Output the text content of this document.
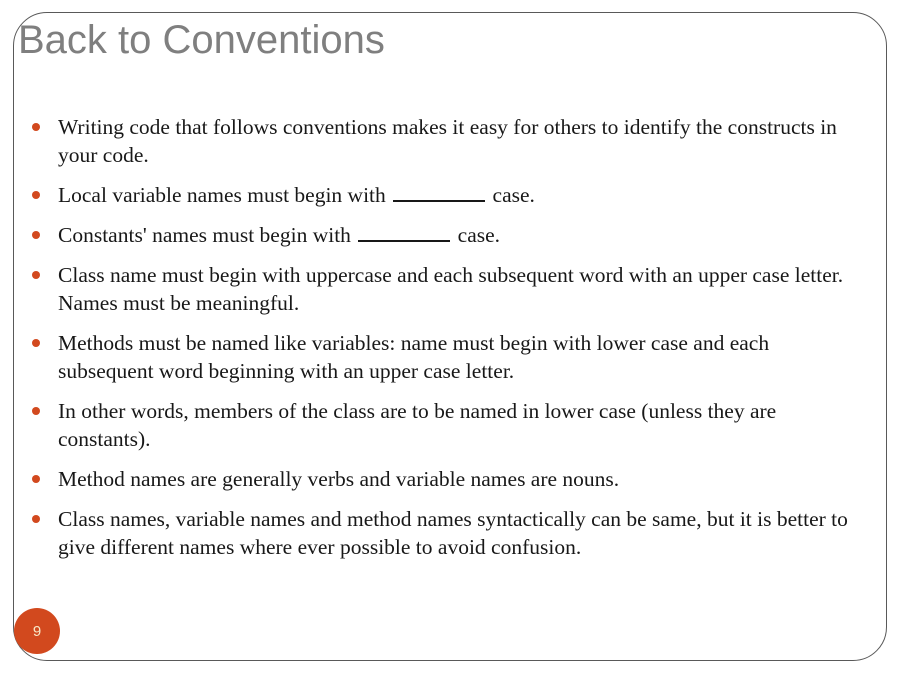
Back to Conventions
Writing code that follows conventions makes it easy for others to identify the constructs in your code.
Local variable names must begin with	case.
Constants' names must begin with	case.
Class name must begin with uppercase and each subsequent word with an upper case letter. Names must be meaningful.
Methods must be named like variables: name must begin with lower case and each subsequent word beginning with an upper case letter.
In other words, members of the class are to be named in lower case (unless they are constants).
Method names are generally verbs and variable names are nouns.
Class names, variable names and method names syntactically can be same, but it is better to give different names where ever possible to avoid confusion.
9
